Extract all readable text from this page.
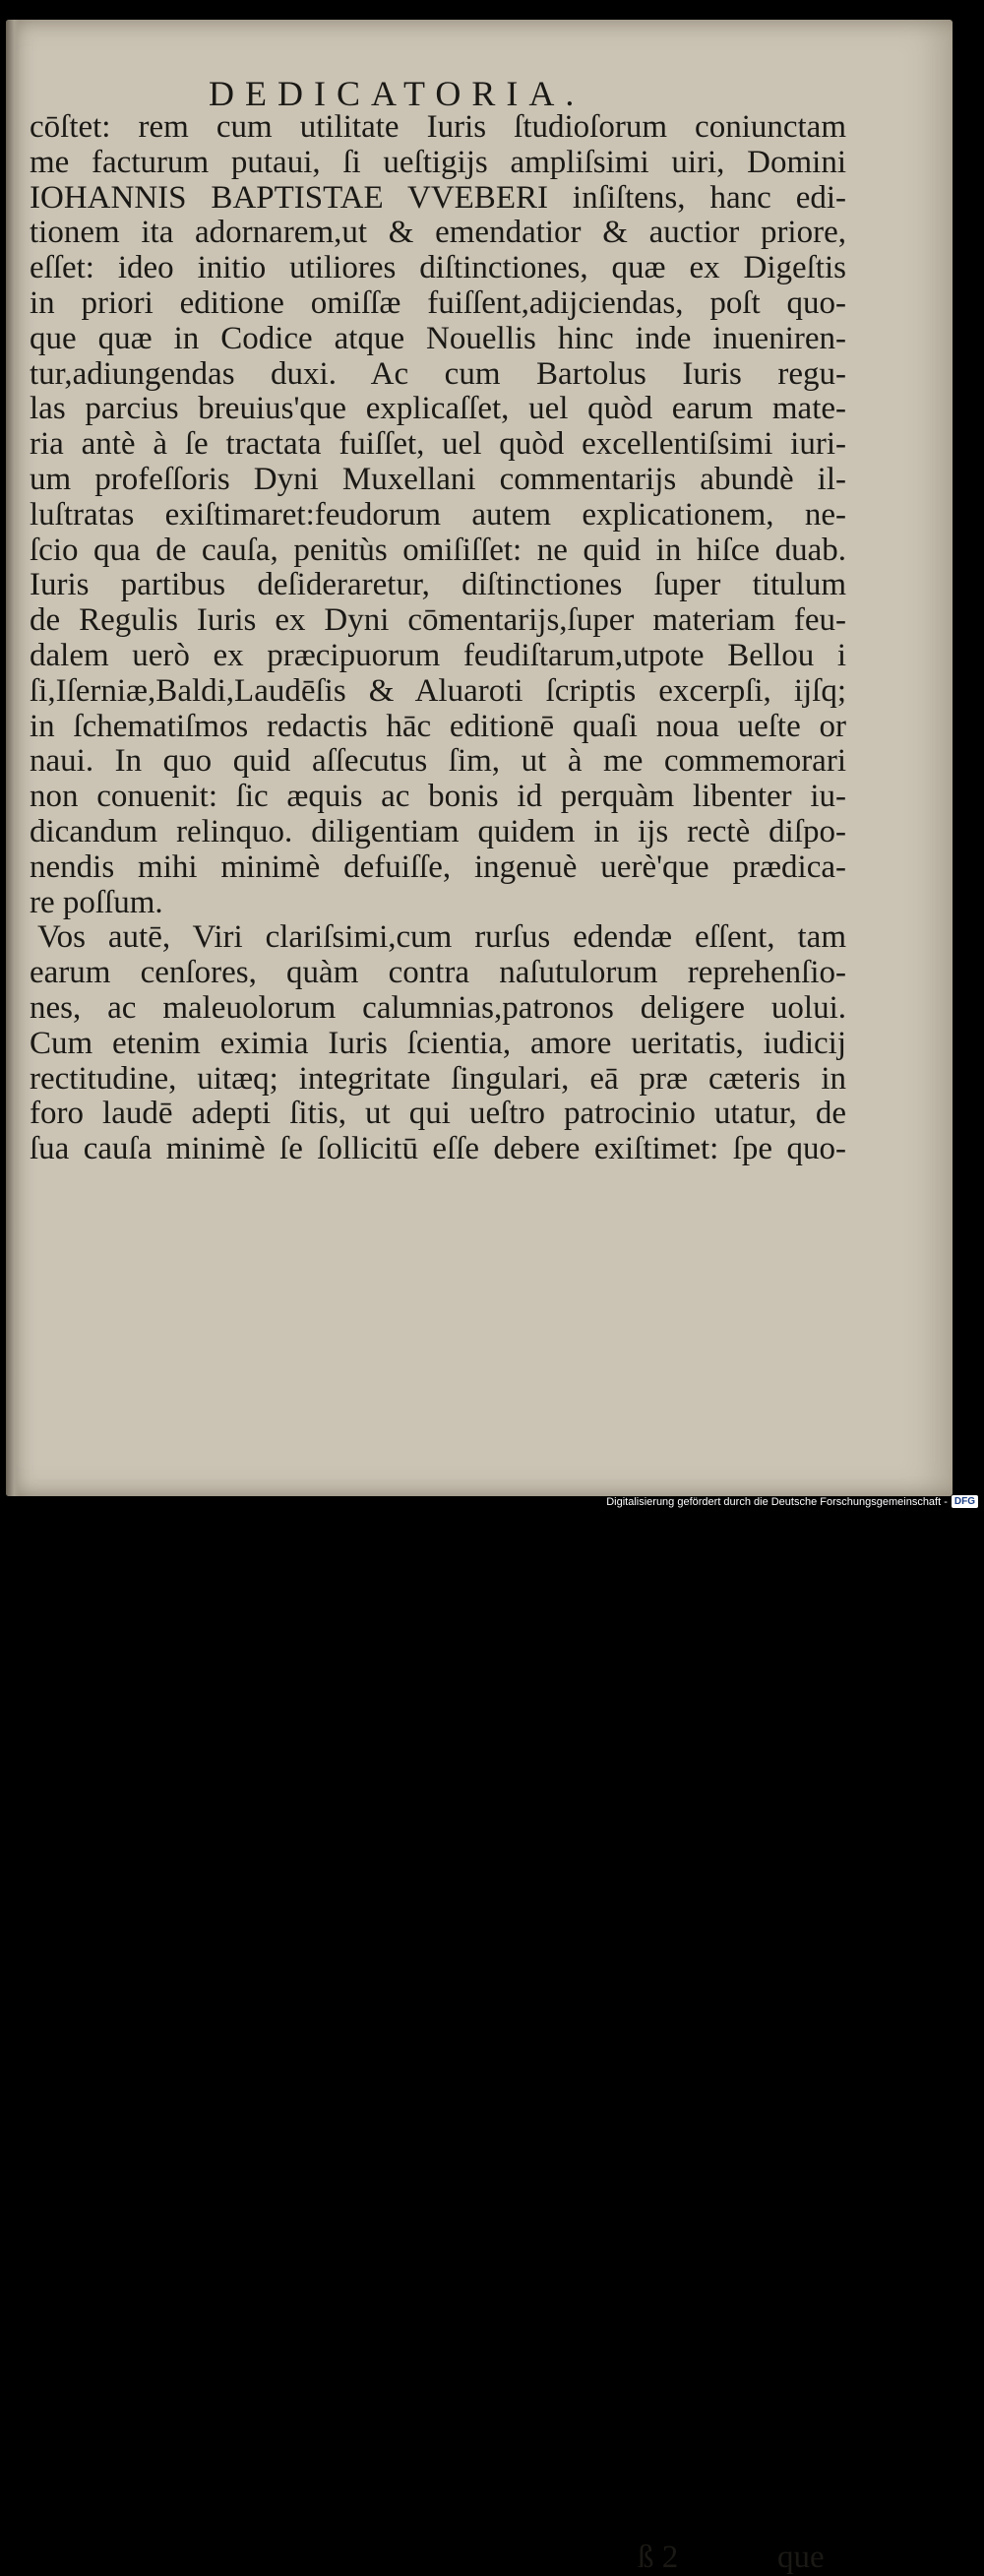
DEDICATORIA.
cōſtet: rem cum utilitate Iuris ſtudioſorum coniunctam
me facturum putaui, ſi ueſtigijs ampliſsimi uiri, Domini
IOHANNIS BAPTISTAE VVEBERI inſiſtens, hanc edi-
tionem ita adornarem,ut & emendatior & auctior priore,
eſſet: ideo initio utiliores diſtinctiones, quæ ex Digeſtis
in priori editione omiſſæ fuiſſent,adijciendas, poſt quo-
que quæ in Codice atque Nouellis hinc inde inueniren-
tur,adiungendas duxi. Ac cum Bartolus Iuris regu-
las parcius breuius'que explicaſſet, uel quòd earum mate-
ria antè à ſe tractata fuiſſet, uel quòd excellentiſsimi iuri-
um profeſſoris Dyni Muxellani commentarijs abundè il-
luſtratas exiſtimaret:feudorum autem explicationem, ne-
ſcio qua de cauſa, penitùs omiſiſſet: ne quid in hiſce duab.
Iuris partibus deſideraretur, diſtinctiones ſuper titulum
de Regulis Iuris ex Dyni cōmentarijs,ſuper materiam feu-
dalem uerò ex præcipuorum feudiſtarum,utpote Bellou i
ſi,Iſerniæ,Baldi,Laudēſis & Aluaroti ſcriptis excerpſi, ijſq;
in ſchematiſmos redactis hāc editionē quaſi noua ueſte or
naui. In quo quid aſſecutus ſim, ut à me commemorari
non conuenit: ſic æquis ac bonis id perquàm libenter iu-
dicandum relinquo. diligentiam quidem in ijs rectè diſpo-
nendis mihi minimè defuiſſe, ingenuè uerè'que prædica-
re poſſum.
Vos autē, Viri clariſsimi,cum rurſus edendæ eſſent, tam
earum cenſores, quàm contra naſutulorum reprehenſio-
nes, ac maleuolorum calumnias,patronos deligere uolui.
Cum etenim eximia Iuris ſcientia, amore ueritatis, iudicij
rectitudine, uitæq; integritate ſingulari, eā præ cæteris in
foro laudē adepti ſitis, ut qui ueſtro patrocinio utatur, de
ſua cauſa minimè ſe ſollicitū eſſe debere exiſtimet: ſpe quo-
ß 2	que
Digitalisierung gefördert durch die Deutsche Forschungsgemeinschaft - DFG
